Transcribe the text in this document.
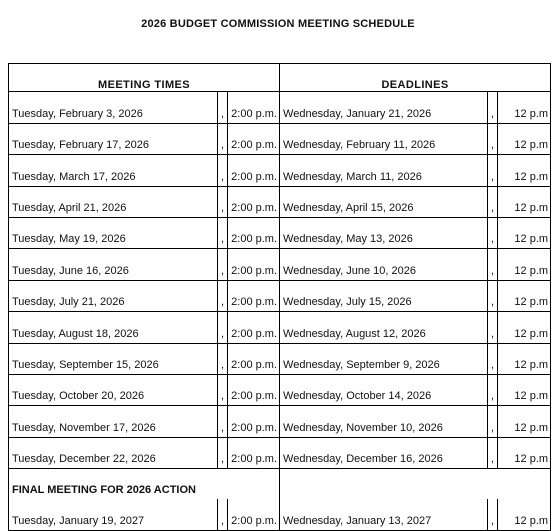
2026 BUDGET COMMISSION MEETING SCHEDULE
MEETING TIMES			DEADLINES		
Tuesday, February 3, 2026	,	2:00 p.m.	Wednesday, January 21, 2026	,	12 p.m
Tuesday, February 17, 2026	,	2:00 p.m.	Wednesday, February 11, 2026	,	12 p.m
Tuesday, March 17, 2026	,	2:00 p.m.	Wednesday, March 11, 2026	,	12 p.m
Tuesday, April 21, 2026	,	2:00 p.m.	Wednesday, April 15, 2026	,	12 p.m
Tuesday, May 19, 2026	,	2:00 p.m.	Wednesday, May 13, 2026	,	12 p.m
Tuesday, June 16, 2026	,	2:00 p.m.	Wednesday, June 10, 2026	,	12 p.m
Tuesday, July 21, 2026	,	2:00 p.m.	Wednesday, July 15, 2026	,	12 p.m
Tuesday, August 18, 2026	,	2:00 p.m.	Wednesday, August 12, 2026	,	12 p.m
Tuesday, September 15, 2026	,	2:00 p.m.	Wednesday, September 9, 2026	,	12 p.m
Tuesday, October 20, 2026	,	2:00 p.m.	Wednesday, October 14, 2026	,	12 p.m
Tuesday, November 17, 2026	,	2:00 p.m.	Wednesday, November 10, 2026	,	12 p.m
Tuesday, December 22, 2026	,	2:00 p.m.	Wednesday, December 16, 2026	,	12 p.m
FINAL MEETING FOR 2026 ACTION					
Tuesday, January 19, 2027	,	2:00 p.m.	Wednesday, January 13, 2027	,	12 p.m
